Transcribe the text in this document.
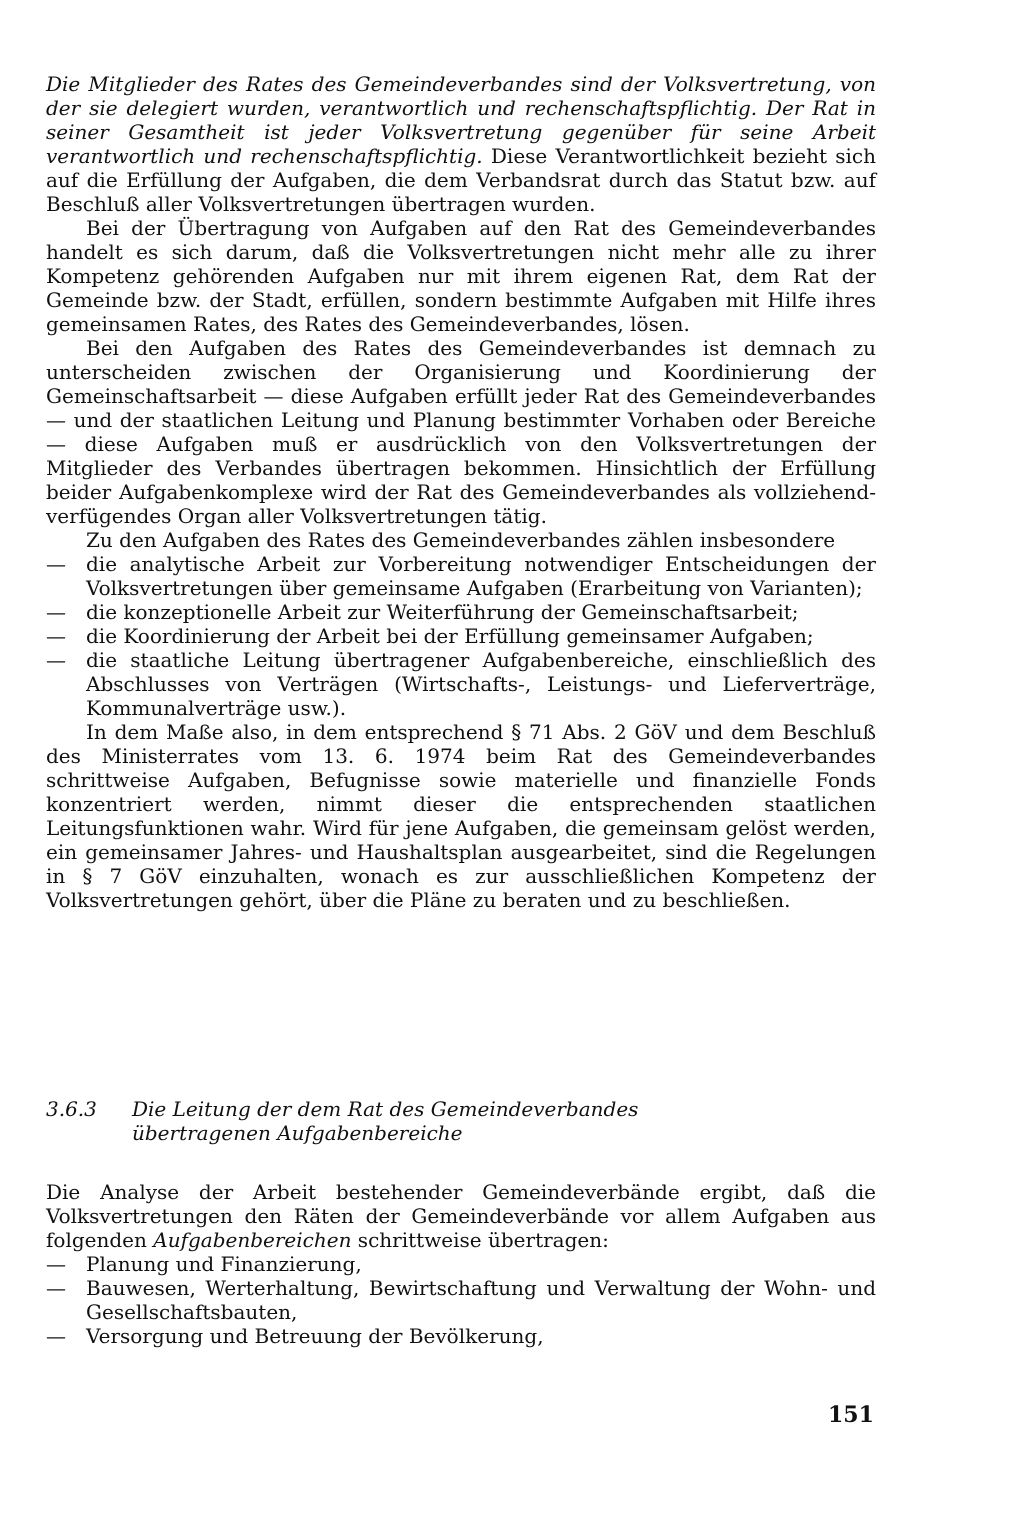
Die Mitglieder des Rates des Gemeindeverbandes sind der Volksvertretung, von der sie delegiert wurden, verantwortlich und rechenschaftspflichtig. Der Rat in seiner Gesamtheit ist jeder Volksvertretung gegenüber für seine Arbeit verantwortlich und rechenschaftspflichtig. Diese Verantwortlichkeit bezieht sich auf die Erfüllung der Aufgaben, die dem Verbandsrat durch das Statut bzw. auf Beschluß aller Volksvertretungen übertragen wurden.

Bei der Übertragung von Aufgaben auf den Rat des Gemeindeverbandes handelt es sich darum, daß die Volksvertretungen nicht mehr alle zu ihrer Kompetenz gehörenden Aufgaben nur mit ihrem eigenen Rat, dem Rat der Gemeinde bzw. der Stadt, erfüllen, sondern bestimmte Aufgaben mit Hilfe ihres gemeinsamen Rates, des Rates des Gemeindeverbandes, lösen.

Bei den Aufgaben des Rates des Gemeindeverbandes ist demnach zu unterscheiden zwischen der Organisierung und Koordinierung der Gemeinschaftsarbeit — diese Aufgaben erfüllt jeder Rat des Gemeindeverbandes — und der staatlichen Leitung und Planung bestimmter Vorhaben oder Bereiche — diese Aufgaben muß er ausdrücklich von den Volksvertretungen der Mitglieder des Verbandes übertragen bekommen. Hinsichtlich der Erfüllung beider Aufgabenkomplexe wird der Rat des Gemeindeverbandes als vollziehend-verfügendes Organ aller Volksvertretungen tätig.

Zu den Aufgaben des Rates des Gemeindeverbandes zählen insbesondere

—	die analytische Arbeit zur Vorbereitung notwendiger Entscheidungen der Volksvertretungen über gemeinsame Aufgaben (Erarbeitung von Varianten);
—	die konzeptionelle Arbeit zur Weiterführung der Gemeinschaftsarbeit;
—	die Koordinierung der Arbeit bei der Erfüllung gemeinsamer Aufgaben;
—	die staatliche Leitung übertragener Aufgabenbereiche, einschließlich des Abschlusses von Verträgen (Wirtschafts-, Leistungs- und Lieferverträge, Kommunalverträge usw.).

In dem Maße also, in dem entsprechend § 71 Abs. 2 GöV und dem Beschluß des Ministerrates vom 13. 6. 1974 beim Rat des Gemeindeverbandes schrittweise Aufgaben, Befugnisse sowie materielle und finanzielle Fonds konzentriert werden, nimmt dieser die entsprechenden staatlichen Leitungsfunktionen wahr. Wird für jene Aufgaben, die gemeinsam gelöst werden, ein gemeinsamer Jahres- und Haushaltsplan ausgearbeitet, sind die Regelungen in § 7 GöV einzuhalten, wonach es zur ausschließlichen Kompetenz der Volksvertretungen gehört, über die Pläne zu beraten und zu beschließen.

3.6.3 Die Leitung der dem Rat des Gemeindeverbandes
übertragenen Aufgabenbereiche

Die Analyse der Arbeit bestehender Gemeindeverbände ergibt, daß die Volksvertretungen den Räten der Gemeindeverbände vor allem Aufgaben aus folgenden Aufgabenbereichen schrittweise übertragen:

—	Planung und Finanzierung,
—	Bauwesen, Werterhaltung, Bewirtschaftung und Verwaltung der Wohn- und Gesellschaftsbauten,
—	Versorgung und Betreuung der Bevölkerung,
151
